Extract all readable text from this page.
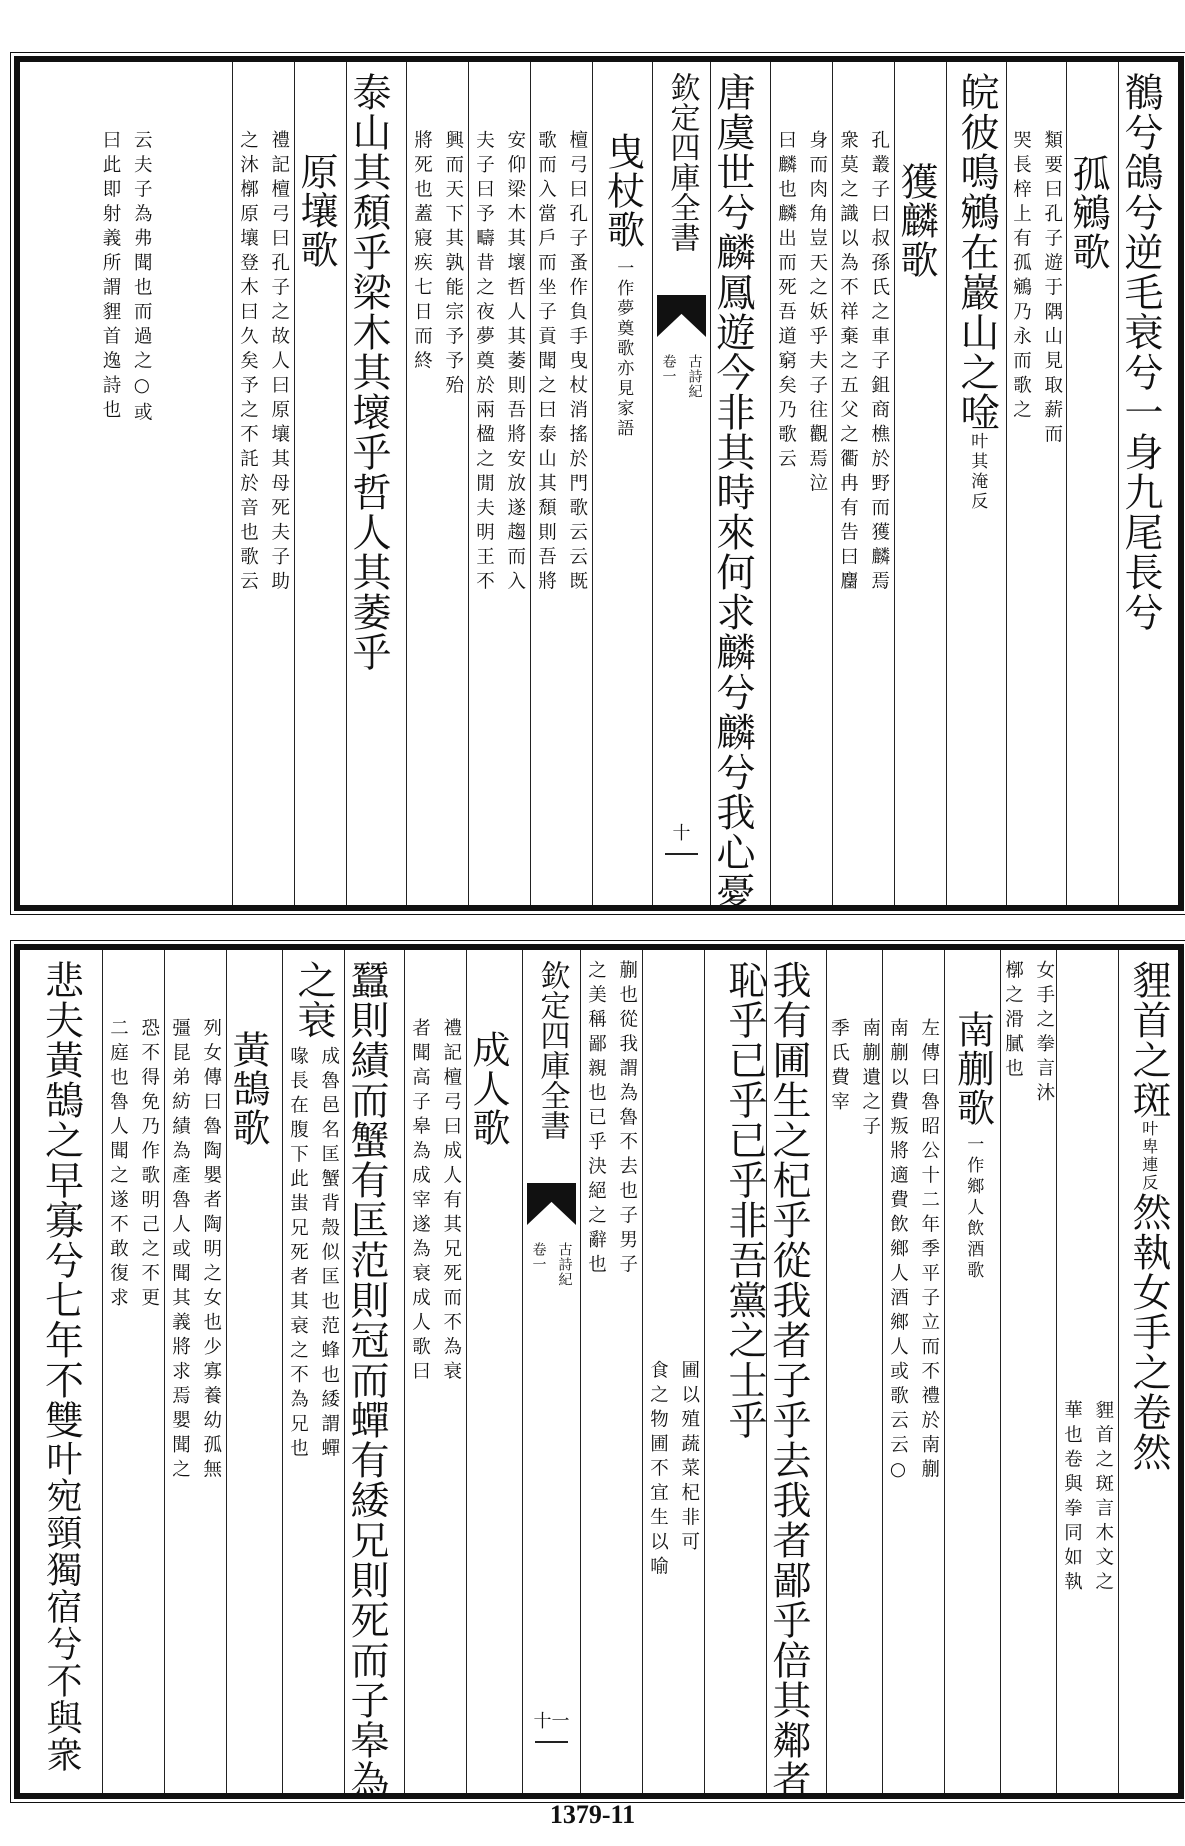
鶺兮鴿兮逆毛衰兮一身九尾長兮
孤鵷歌
類要曰孔子遊于隅山見取薪而
哭長梓上有孤鵷乃永而歌之
皖彼鳴鵷在巖山之唫
叶其淹反
獲麟歌
孔叢子曰叔孫氏之車子鉏商樵於野而獲麟焉
衆莫之識以為不祥棄之五父之衢冉有告曰麕
身而肉角豈天之妖乎夫子往觀焉泣
曰麟也麟出而死吾道窮矣乃歌云
唐虞世兮麟鳳遊今非其時來何求麟兮麟兮我心憂
欽定四庫全書
古詩紀
卷一
十
曳杖歌
一作夢奠歌亦見家語
檀弓曰孔子蚤作負手曳杖消搖於門歌云云既
歌而入當戶而坐子貢聞之曰泰山其頹則吾將
安仰梁木其壞哲人其萎則吾將安放遂趨而入
夫子曰予疇昔之夜夢奠於兩楹之閒夫明王不
興而天下其孰能宗予予殆
將死也蓋寢疾七日而終
泰山其頹乎梁木其壞乎哲人其萎乎
原壤歌
禮記檀弓曰孔子之故人曰原壤其母死夫子助
之沐槨原壤登木曰久矣予之不託於音也歌云
云夫子為弗聞也而過之○或
曰此即射義所謂貍首逸詩也
貍首之斑
叶卑連反
然執女手之卷然
貍首之斑言木文之
華也卷與拳同如執
女手之拳言沐
槨之滑膩也
南蒯歌
一作鄉人飲酒歌
左傳曰魯昭公十二年季平子立而不禮於南蒯
南蒯以費叛將適費飲鄉人酒鄉人或歌云云○
南蒯遺之子
季氏費宰
我有圃生之杞乎從我者子乎去我者鄙乎倍其鄰者
恥乎已乎已乎非吾黨之士乎
圃以殖蔬菜杞非可
食之物圃不宜生以喻
蒯也從我謂為魯不去也子男子
之美稱鄙親也已乎決絕之辭也
欽定四庫全書
古詩紀
卷一
十一
成人歌
禮記檀弓曰成人有其兄死而不為衰
者聞高子皋為成宰遂為衰成人歌曰
蠶則績而蟹有匡范則冠而蟬有緌兄則死而子皋為
之衰
成魯邑名匡蟹背殼似匡也范蜂也緌謂蟬
喙長在腹下此蚩兄死者其衰之不為兄也
黃鵠歌
列女傳曰魯陶嬰者陶明之女也少寡養幼孤無
彊昆弟紡績為產魯人或聞其義將求焉嬰聞之
恐不得免乃作歌明己之不更
二庭也魯人聞之遂不敢復求
悲夫黃鵠之早寡兮七年不雙
叶宛頸獨宿兮不與衆
1379-11
